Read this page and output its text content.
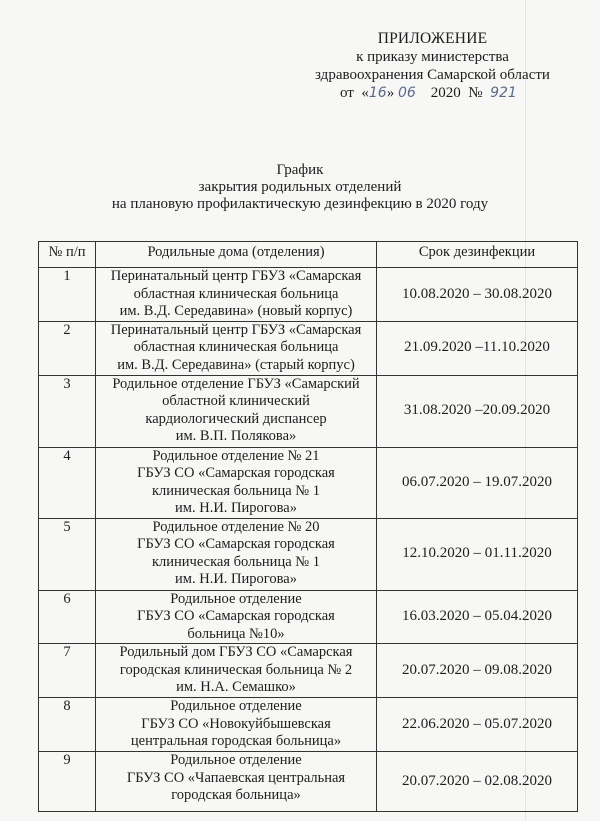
ПРИЛОЖЕНИЕ
к приказу министерства
здравоохранения Самарской области
от  «16» 06    2020  №  921
График
закрытия родильных отделений
на плановую профилактическую дезинфекцию в 2020 году
№ п/п	Родильные дома (отделения)	Срок дезинфекции
1	Перинатальный центр ГБУЗ «Самарская
областная клиническая больница
им. В.Д. Середавина» (новый корпус)	10.08.2020 – 30.08.2020
2	Перинатальный центр ГБУЗ «Самарская
областная клиническая больница
им. В.Д. Середавина» (старый корпус)	21.09.2020 –11.10.2020
3	Родильное отделение ГБУЗ «Самарский
областной клинический
кардиологический диспансер
им. В.П. Полякова»	31.08.2020 –20.09.2020
4	Родильное отделение № 21
ГБУЗ СО «Самарская городская
клиническая больница № 1
им. Н.И. Пирогова»	06.07.2020 – 19.07.2020
5	Родильное отделение № 20
ГБУЗ СО «Самарская городская
клиническая больница № 1
им. Н.И. Пирогова»	12.10.2020 – 01.11.2020
6	Родильное отделение
ГБУЗ СО «Самарская городская
больница №10»	16.03.2020 – 05.04.2020
7	Родильный дом ГБУЗ СО «Самарская
городская клиническая больница № 2
им. Н.А. Семашко»	20.07.2020 – 09.08.2020
8	Родильное отделение
ГБУЗ СО «Новокуйбышевская
центральная городская больница»	22.06.2020 – 05.07.2020
9	Родильное отделение
ГБУЗ СО «Чапаевская центральная
городская больница»	20.07.2020 – 02.08.2020
